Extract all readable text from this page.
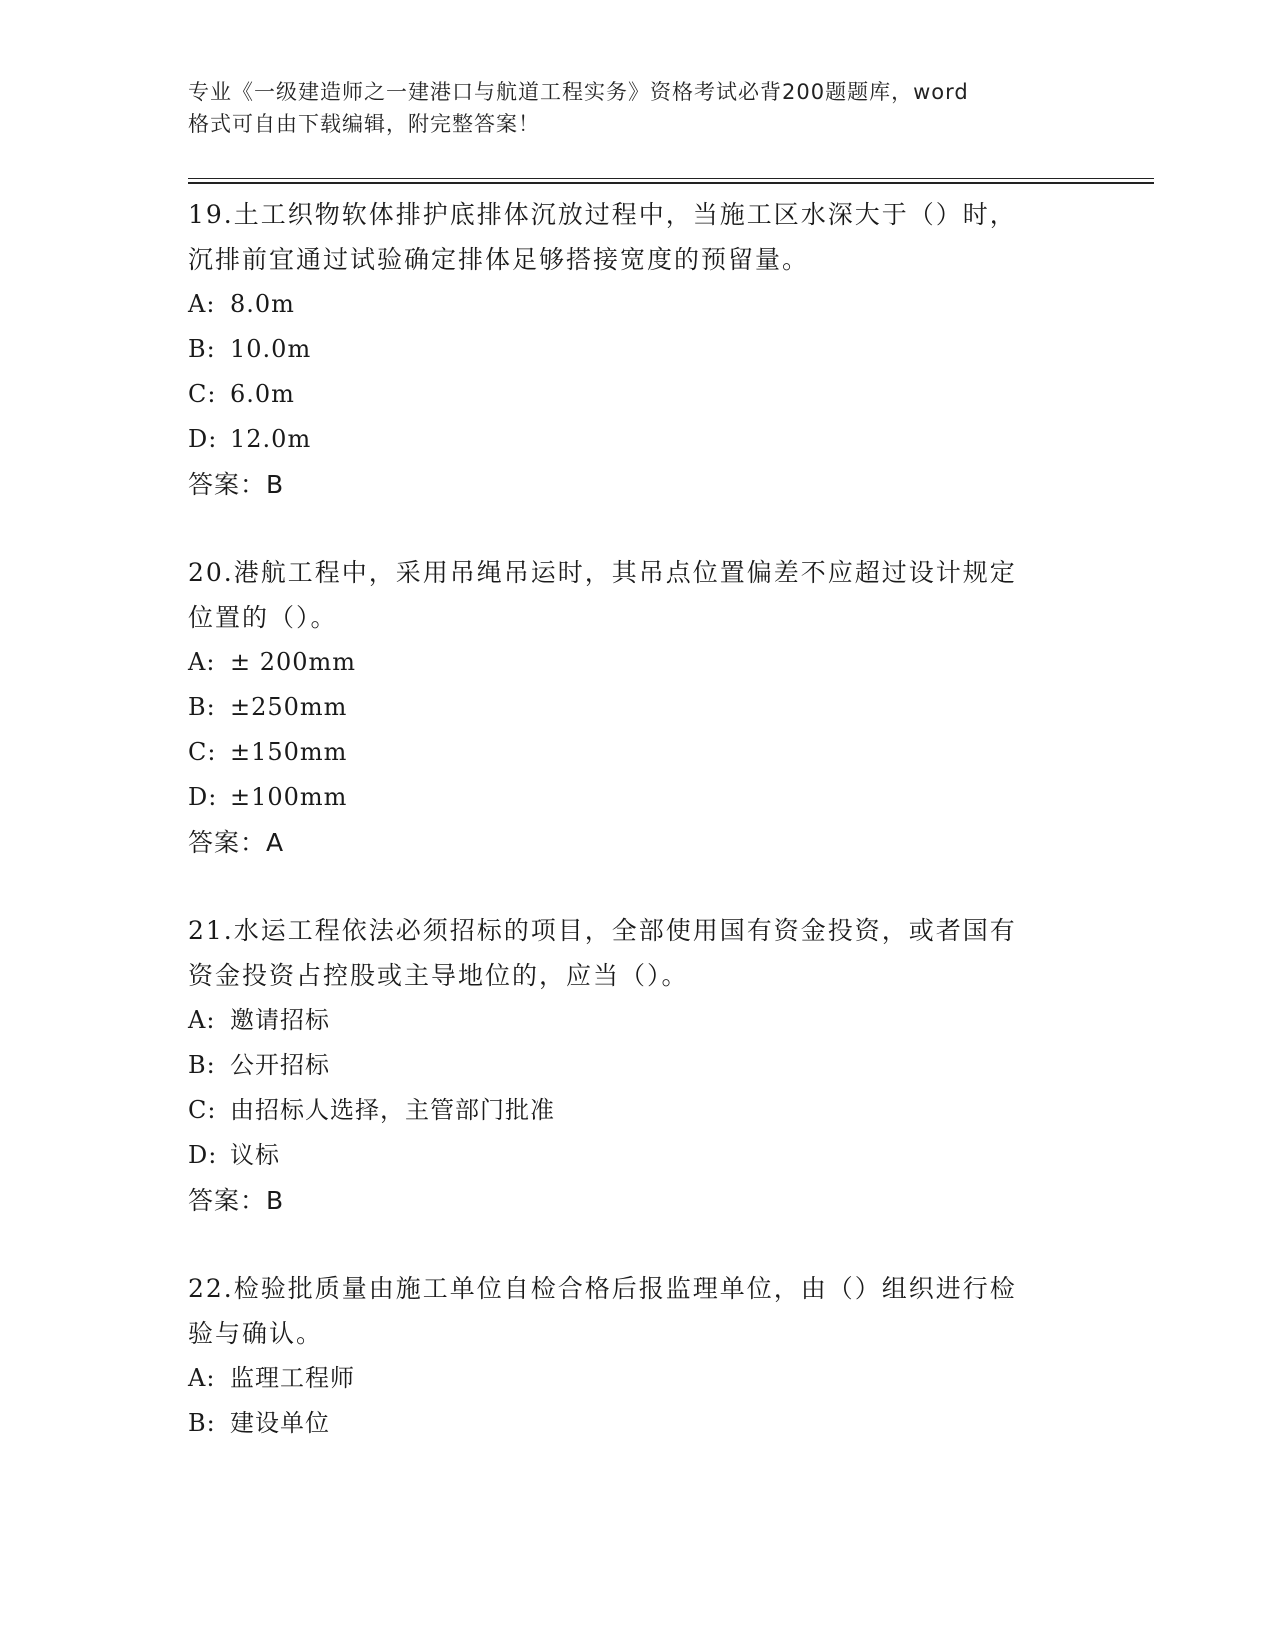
专业《一级建造师之一建港口与航道工程实务》资格考试必背200题题库，word
格式可自由下载编辑，附完整答案！

19.土工织物软体排护底排体沉放过程中，当施工区水深大于（）时，

沉排前宜通过试验确定排体足够搭接宽度的预留量。

A: 8.0m

B: 10.0m

C: 6.0m

D: 12.0m

答案：B

20.港航工程中，采用吊绳吊运时，其吊点位置偏差不应超过设计规定

位置的（）。

A: ± 200mm

B: ±250mm

C: ±150mm

D: ±100mm

答案：A

21.水运工程依法必须招标的项目，全部使用国有资金投资，或者国有

资金投资占控股或主导地位的，应当（）。

A: 邀请招标

B: 公开招标

C: 由招标人选择，主管部门批准

D: 议标

答案：B

22.检验批质量由施工单位自检合格后报监理单位，由（）组织进行检

验与确认。

A: 监理工程师

B: 建设单位
